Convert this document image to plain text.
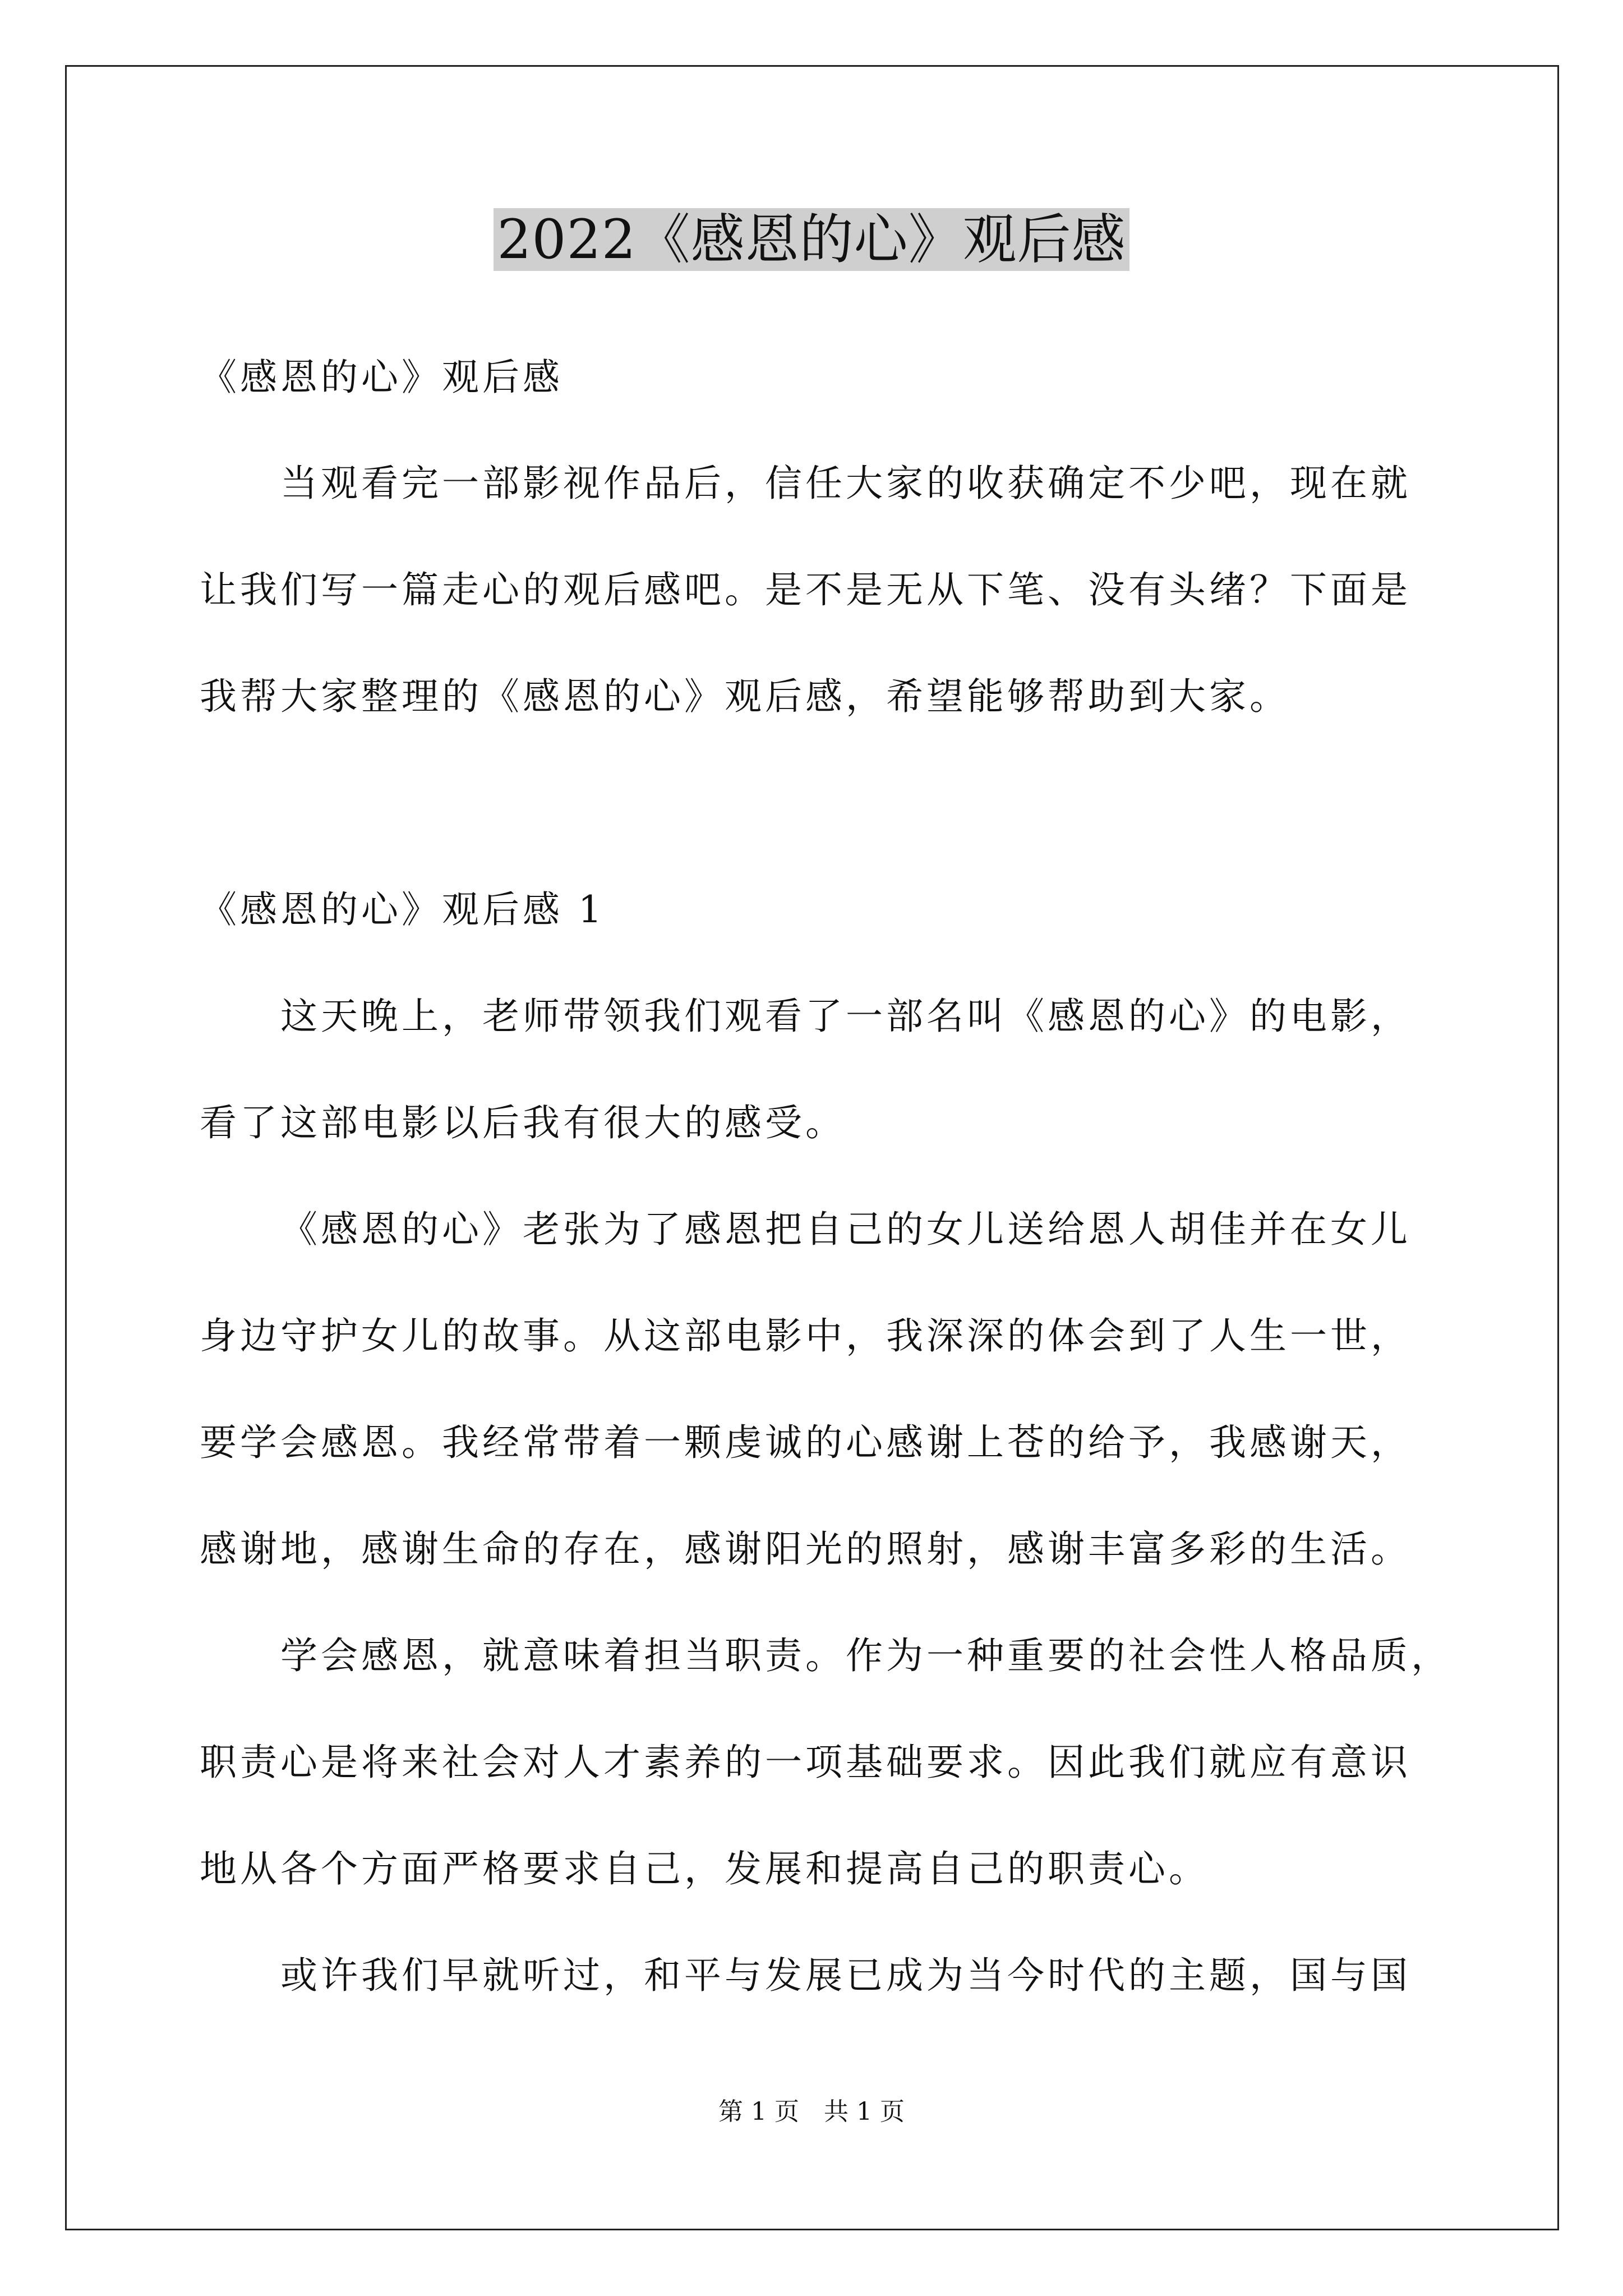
2022《感恩的心》观后感
《感恩的心》观后感
当观看完一部影视作品后，信任大家的收获确定不少吧，现在就
让我们写一篇走心的观后感吧。是不是无从下笔、没有头绪？下面是
我帮大家整理的《感恩的心》观后感，希望能够帮助到大家。
《感恩的心》观后感 1
这天晚上，老师带领我们观看了一部名叫《感恩的心》的电影，
看了这部电影以后我有很大的感受。
《感恩的心》老张为了感恩把自己的女儿送给恩人胡佳并在女儿
身边守护女儿的故事。从这部电影中，我深深的体会到了人生一世，
要学会感恩。我经常带着一颗虔诚的心感谢上苍的给予，我感谢天，
感谢地，感谢生命的存在，感谢阳光的照射，感谢丰富多彩的生活。
学会感恩，就意味着担当职责。作为一种重要的社会性人格品质，
职责心是将来社会对人才素养的一项基础要求。因此我们就应有意识
地从各个方面严格要求自己，发展和提高自己的职责心。
或许我们早就听过，和平与发展已成为当今时代的主题，国与国
第 1 页　共 1 页
